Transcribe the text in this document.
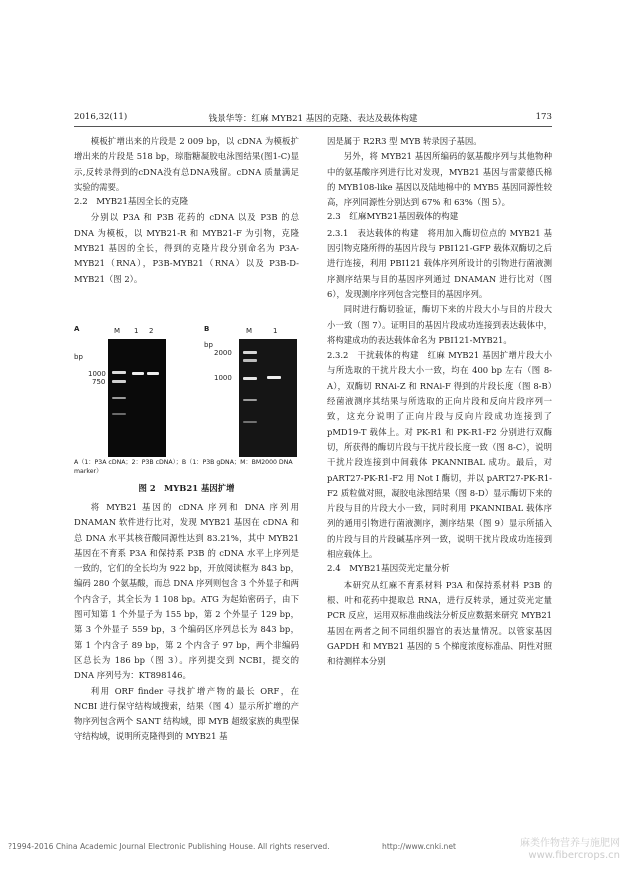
2016,32(11)	钱景华等：红麻 MYB21 基因的克隆、表达及载体构建	173

模板扩增出来的片段是 2 009 bp，以 cDNA 为模板扩增出来的片段是 518 bp，琼脂糖凝胶电泳图结果(图1-C)显示,反转录得到的cDNA没有总DNA残留。cDNA 质量满足实验的需要。

2.2　MYB21基因全长的克隆

分别以 P3A 和 P3B 花药的 cDNA 以及 P3B 的总 DNA 为模板，以 MYB21-R 和 MYB21-F 为引物，克隆 MYB21 基因的全长，得到的克隆片段分别命名为 P3A-MYB21（RNA），P3B-MYB21（RNA）以及 P3B-D-MYB21（图 2）。

A
bp
M 1 2
1000
750
B
bp
M	1
2000
1000
A（1：P3A cDNA；2：P3B cDNA）；B（1：P3B gDNA；M：BM2000 DNA marker）
图 2　MYB21 基因扩增

将 MYB21 基因的 cDNA 序列和 DNA 序列用 DNAMAN 软件进行比对，发现 MYB21 基因在 cDNA 和总 DNA 水平其核苷酸同源性达到 83.21%，其中 MYB21 基因在不育系 P3A 和保持系 P3B 的 cDNA 水平上序列是一致的，它们的全长均为 922 bp，开放阅读框为 843 bp，编码 280 个氨基酸，而总 DNA 序列则包含 3 个外显子和两个内含子，其全长为 1 108 bp。ATG 为起始密码子，由下图可知第 1 个外显子为 155 bp，第 2 个外显子 129 bp，第 3 个外显子 559 bp，3 个编码区序列总长为 843 bp，第 1 个内含子 89 bp，第 2 个内含子 97 bp，两个非编码区总长为 186 bp（图 3）。序列提交到 NCBI，提交的 DNA 序列号为：KT898146。

利用 ORF finder 寻找扩增产物的最长 ORF，在 NCBI 进行保守结构域搜索，结果（图 4）显示所扩增的产物序列包含两个 SANT 结构域，即 MYB 超级家族的典型保守结构域，说明所克隆得到的 MYB21 基

因是属于 R2R3 型 MYB 转录因子基因。

另外，将 MYB21 基因所编码的氨基酸序列与其他物种中的氨基酸序列进行比对发现，MYB21 基因与雷蒙德氏棉的 MYB108-like 基因以及陆地棉中的 MYB5 基因同源性较高，序列同源性分别达到 67% 和 63%（图 5）。

2.3　红麻MYB21基因载体的构建

2.3.1　表达载体的构建　将用加入酶切位点的 MYB21 基因引物克隆所得的基因片段与 PBI121-GFP 载体双酶切之后进行连接，利用 PBI121 载体序列所设计的引物进行菌液测序测序结果与目的基因序列通过 DNAMAN 进行比对（图 6），发现测序序列包含完整目的基因序列。

同时进行酶切验证，酶切下来的片段大小与目的片段大小一致（图 7）。证明目的基因片段成功连接到表达载体中，将构建成功的表达载体命名为 PBI121-MYB21。

2.3.2　干扰载体的构建　红麻 MYB21 基因扩增片段大小与所选取的干扰片段大小一致，均在 400 bp 左右（图 8-A），双酶切 RNAi-Z 和 RNAi-F 得到的片段长度（图 8-B）经菌液测序其结果与所选取的正向片段和反向片段序列一致，这充分说明了正向片段与反向片段成功连接到了 pMD19-T 载体上。对 PK-R1 和 PK-R1-F2 分别进行双酶切，所获得的酶切片段与干扰片段长度一致（图 8-C），说明干扰片段连接到中间载体 PKANNIBAL 成功。最后，对 pART27-PK-R1-F2 用 Not I 酶切，并以 pART27-PK-R1-F2 质粒做对照，凝胶电泳图结果（图 8-D）显示酶切下来的片段与目的片段大小一致，同时利用 PKANNIBAL 载体序列的通用引物进行菌液测序，测序结果（图 9）显示所插入的片段与目的片段碱基序列一致，说明干扰片段成功连接到相应载体上。

2.4　MYB21基因荧光定量分析

本研究从红麻不育系材料 P3A 和保持系材料 P3B 的根、叶和花药中提取总 RNA，进行反转录，通过荧光定量 PCR 反应，运用双标准曲线法分析反应数据来研究 MYB21 基因在两者之间不同组织器官的表达量情况。以管家基因 GAPDH 和 MYB21 基因的 5 个梯度浓度标准品、阴性对照和待测样本分别

?1994-2016 China Academic Journal Electronic Publishing House. All rights reserved.	http://www.cnki.net	麻类作物营养与施肥网
www.fibercrops.cn
